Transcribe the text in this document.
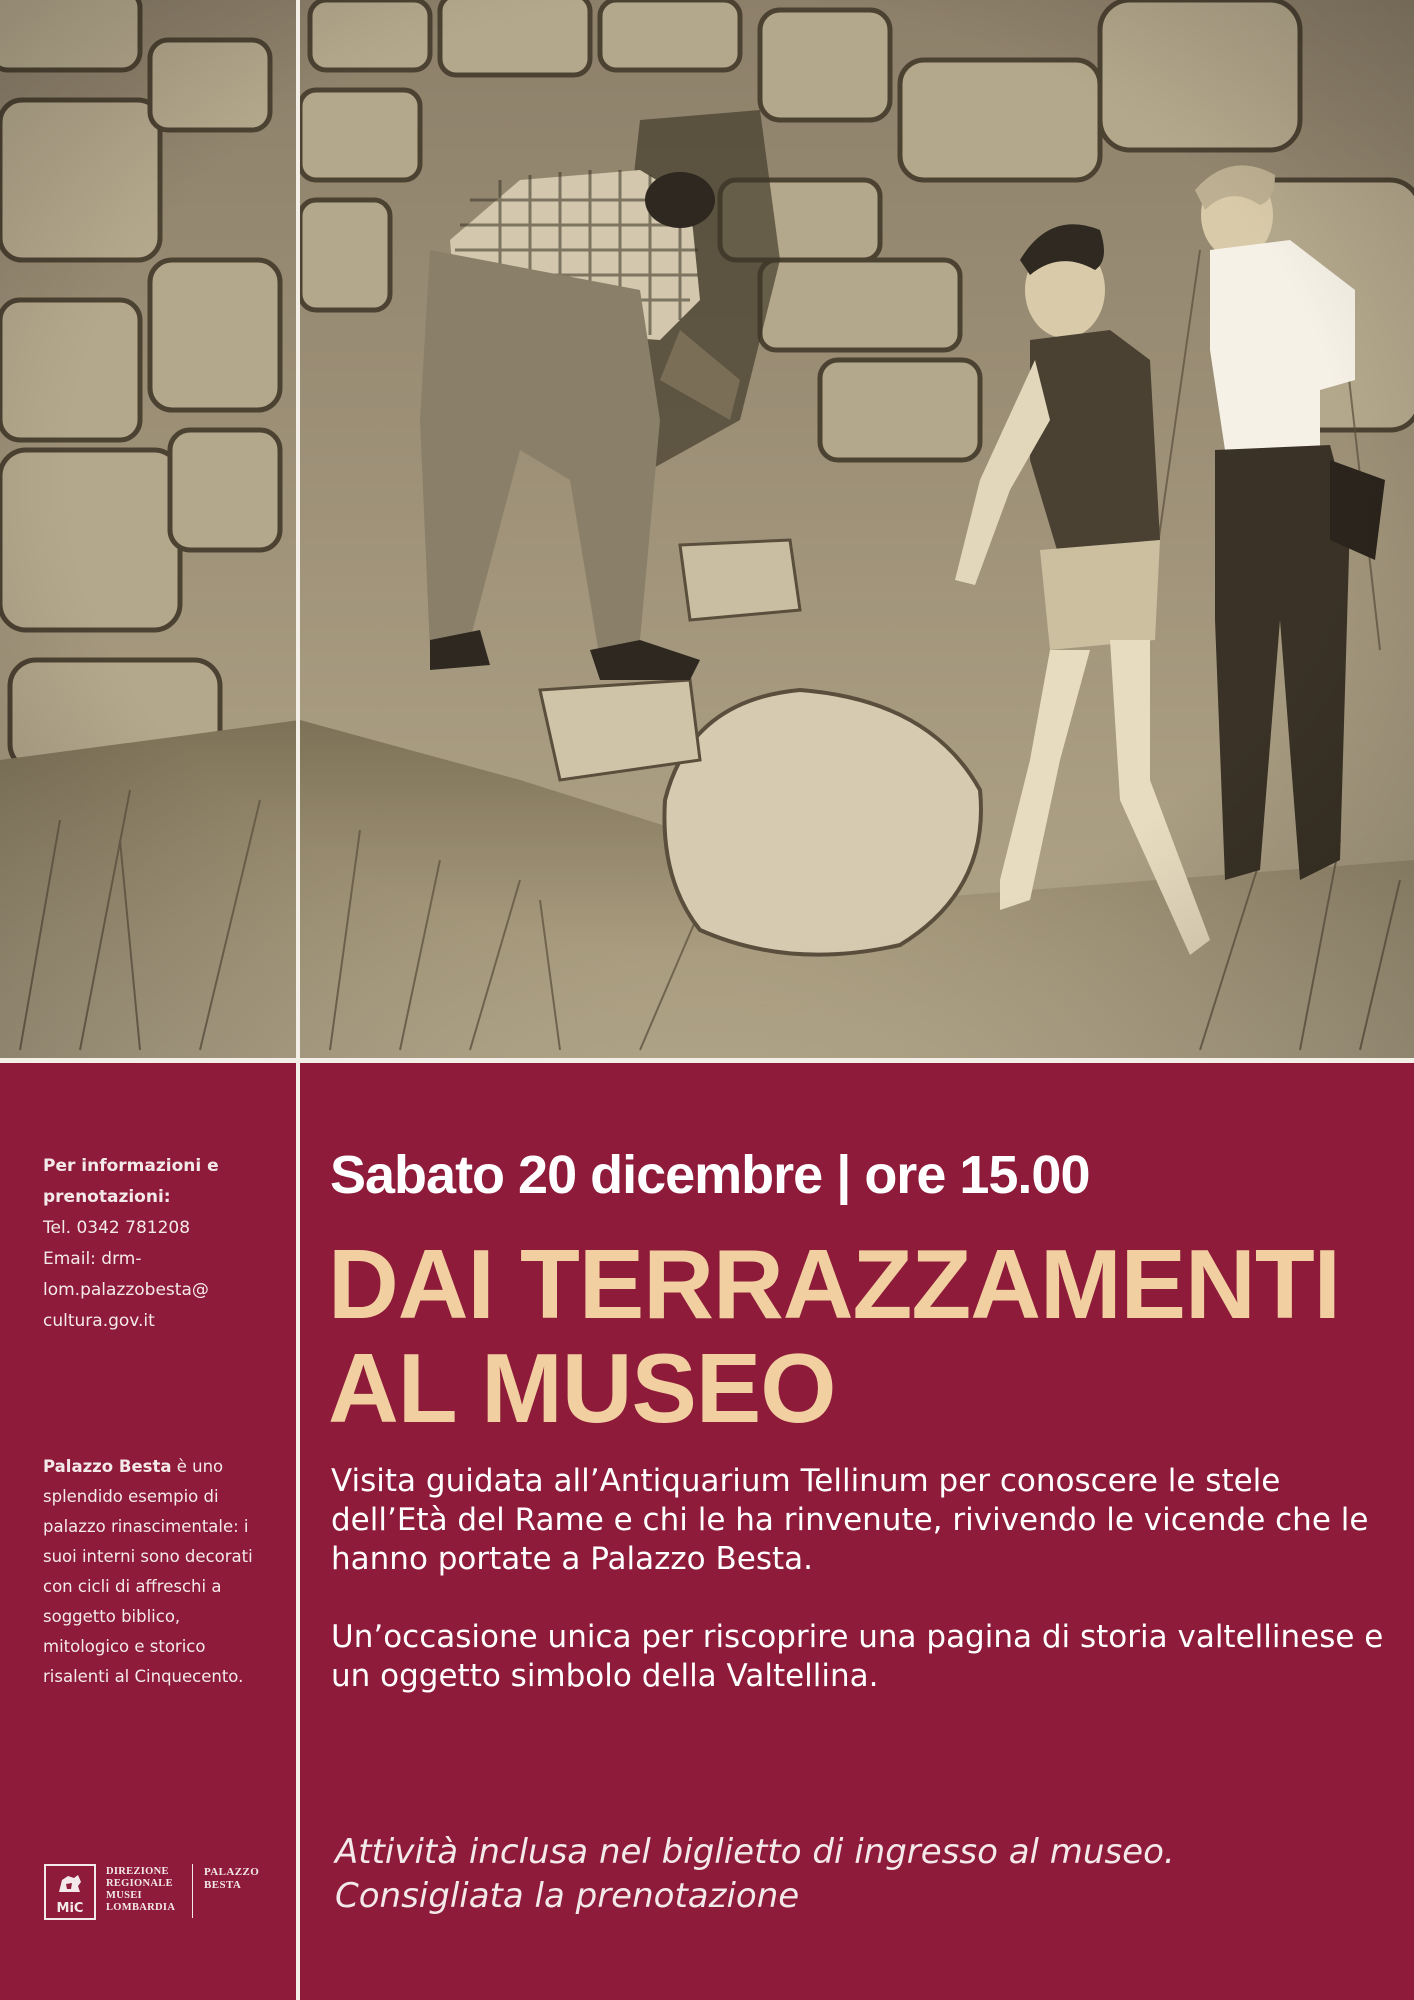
Per informazioni e prenotazioni:
Tel. 0342 781208
Email: drm-
lom.palazzobesta@
cultura.gov.it
Palazzo Besta è uno splendido esempio di palazzo rinascimentale: i suoi interni sono decorati con cicli di affreschi a soggetto biblico, mitologico e storico risalenti al Cinquecento.
MiC
DIREZIONE
REGIONALE
MUSEI
LOMBARDIA
PALAZZO
BESTA
Sabato 20 dicembre | ore 15.00
DAI TERRAZZAMENTI
AL MUSEO
Visita guidata all’Antiquarium Tellinum per conoscere le stele dell’Età del Rame e chi le ha rinvenute, rivivendo le vicende che le hanno portate a Palazzo Besta.
Un’occasione unica per riscoprire una pagina di storia valtellinese e un oggetto simbolo della Valtellina.
Attività inclusa nel biglietto di ingresso al museo.
Consigliata la prenotazione
